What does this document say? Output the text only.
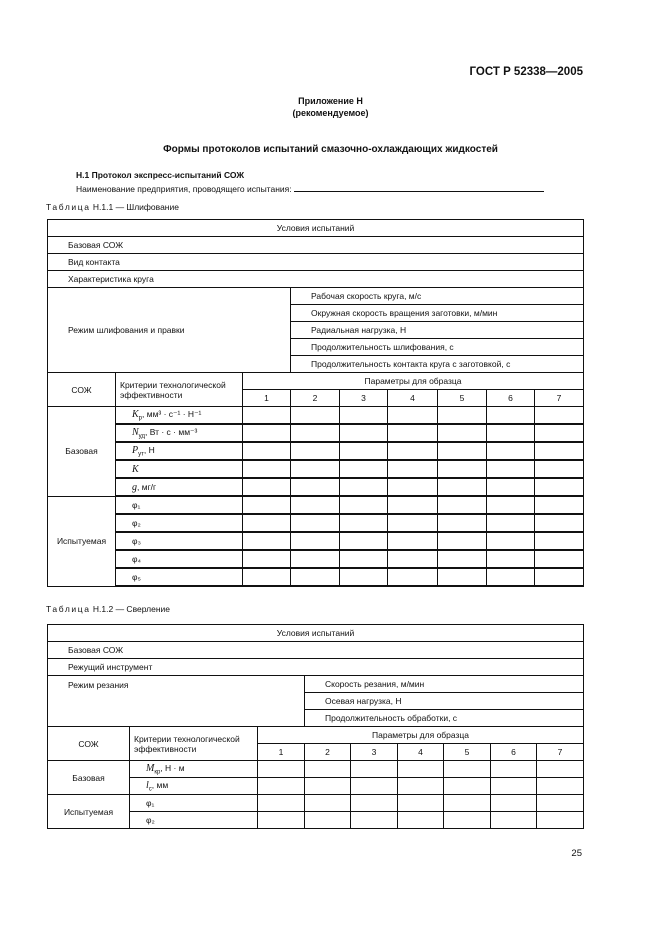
ГОСТ Р 52338—2005
Приложение Н
(рекомендуемое)
Формы протоколов испытаний смазочно-охлаждающих жидкостей
Н.1 Протокол экспресс-испытаний СОЖ
Наименование предприятия, проводящего испытания:
Таблица Н.1.1 — Шлифование
Условия испытаний								
Базовая СОЖ								
Вид контакта								
Характеристика круга								
Режим шлифования и правки			Рабочая скорость круга, м/с					
			Окружная скорость вращения заготовки, м/мин					
			Радиальная нагрузка, Н					
			Продолжительность шлифования, с					
			Продолжительность контакта круга с заготовкой, с					
СОЖ	Критерии технологической эффективности	Параметры для образца						
		1	2	3	4	5	6	7
Базовая	$K_p$, мм³ · с⁻¹ · Н⁻¹							
	$N_{уд}$, Вт · с · мм⁻³							
	$P_{ут}$, Н							
	K							
	g, мг/г							
Испытуемая	φ₁							
	φ₂							
	φ₃							
	φ₄							
	φ₅							
Таблица Н.1.2 — Сверление
Условия испытаний								
Базовая СОЖ								
Режущий инструмент								
Режим резания			Скорость резания, м/мин					
			Осевая нагрузка, Н					
			Продолжительность обработки, с					
СОЖ	Критерии технологической эффективности	Параметры для образца						
		1	2	3	4	5	6	7
Базовая	$M_{кр}$, Н · м							
	$l_c$, мм							
Испытуемая	φ₁							
	φ₂							
25
